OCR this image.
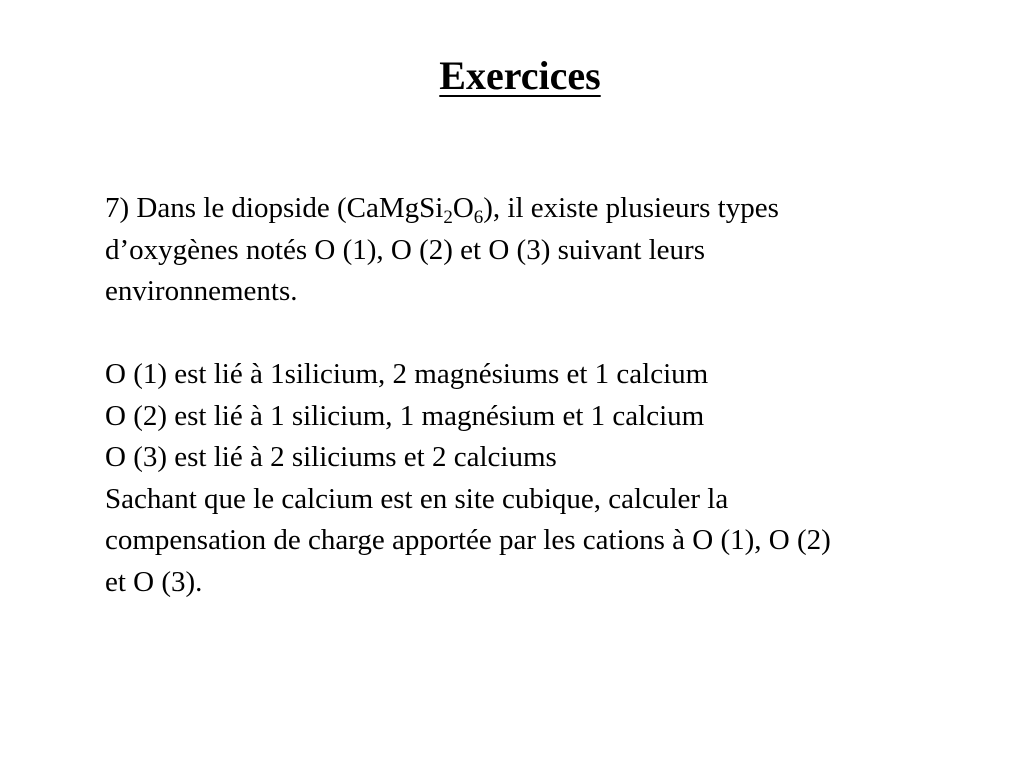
Exercices
7) Dans le diopside $(CaMgSi_2O_6)$, il existe plusieurs types
d’oxygènes notés O (1), O (2) et O (3) suivant leurs
environnements.
O (1) est lié à 1silicium, 2 magnésiums et 1 calcium
O (2) est lié à 1 silicium, 1 magnésium et 1 calcium
O (3) est lié à 2 siliciums et 2 calciums
Sachant que le calcium est en site cubique, calculer la
compensation de charge apportée par les cations à O (1), O (2)
et O (3).
